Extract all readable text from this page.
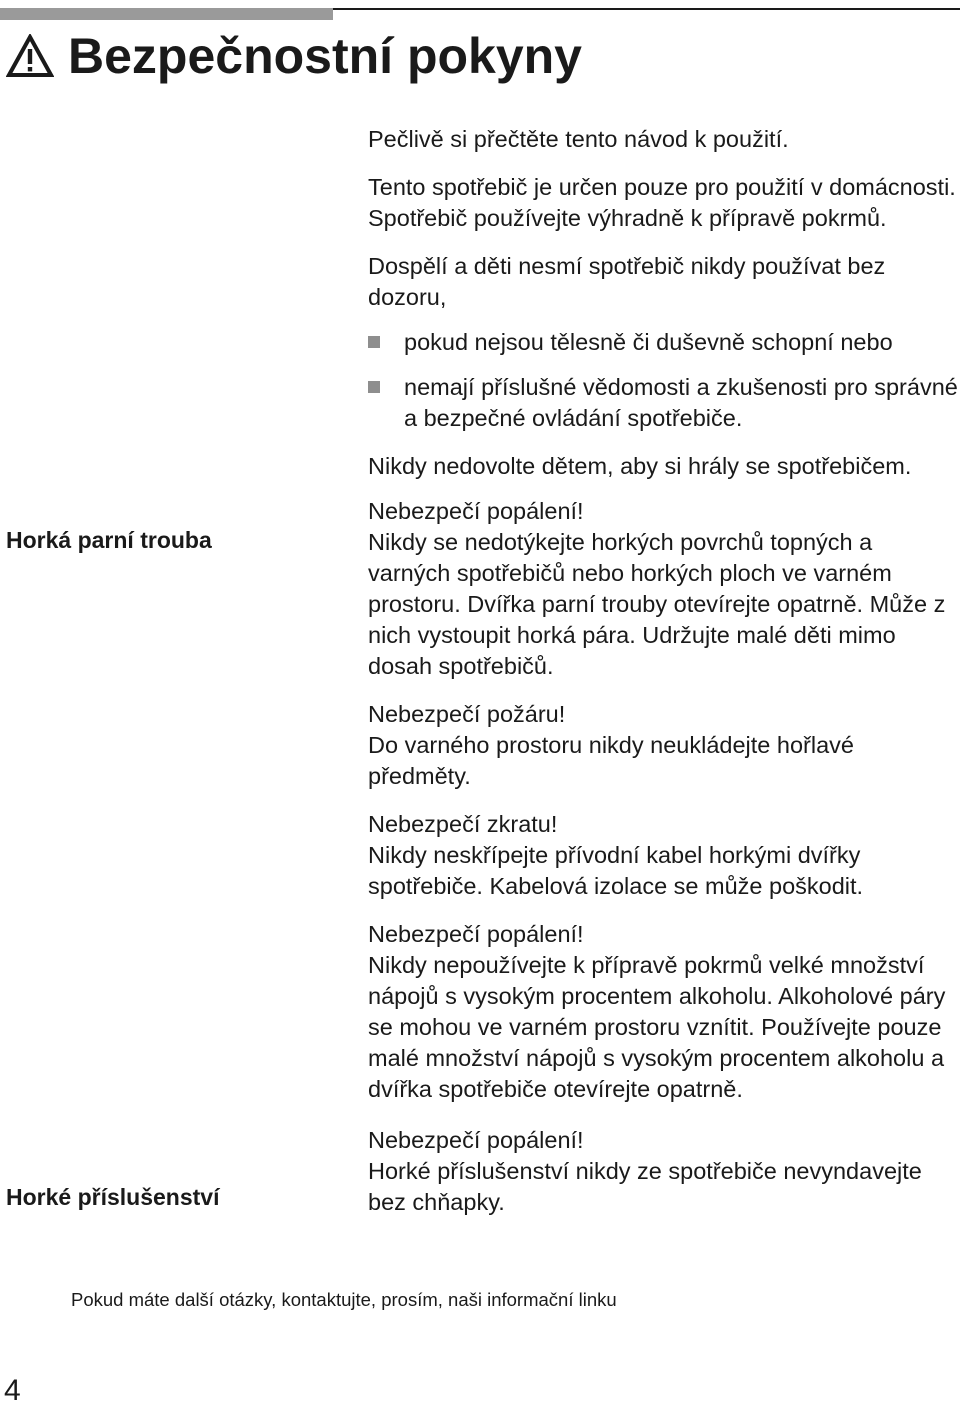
Bezpečnostní pokyny

Pečlivě si přečtěte tento návod k použití.

Tento spotřebič je určen pouze pro použití v domácnosti. Spotřebič používejte výhradně k přípravě pokrmů.

Dospělí a děti nesmí spotřebič nikdy používat bez dozoru,

pokud nejsou tělesně či duševně schopní nebo
nemají příslušné vědomosti a zkušenosti pro správné a bezpečné ovládání spotřebiče.

Nikdy nedovolte dětem, aby si hrály se spotřebičem.

Nebezpečí popálení!

Nikdy se nedotýkejte horkých povrchů topných a varných spotřebičů nebo horkých ploch ve varném prostoru. Dvířka parní trouby otevírejte opatrně. Může z nich vystoupit horká pára. Udržujte malé děti mimo dosah spotřebičů.

Nebezpečí požáru!

Do varného prostoru nikdy neukládejte hořlavé předměty.

Nebezpečí zkratu!

Nikdy neskřípejte přívodní kabel horkými dvířky spotřebiče. Kabelová izolace se může poškodit.

Nebezpečí popálení!

Nikdy nepoužívejte k přípravě pokrmů velké množství nápojů s vysokým procentem alkoholu. Alkoholové páry se mohou ve varném prostoru vznítit. Používejte pouze malé množství nápojů s vysokým procentem alkoholu a dvířka spotřebiče otevírejte opatrně.

Nebezpečí popálení!

Horké příslušenství nikdy ze spotřebiče nevyndavejte bez chňapky.

Horká parní trouba
Horké příslušenství
Pokud máte další otázky, kontaktujte, prosím, naši informační linku
4
